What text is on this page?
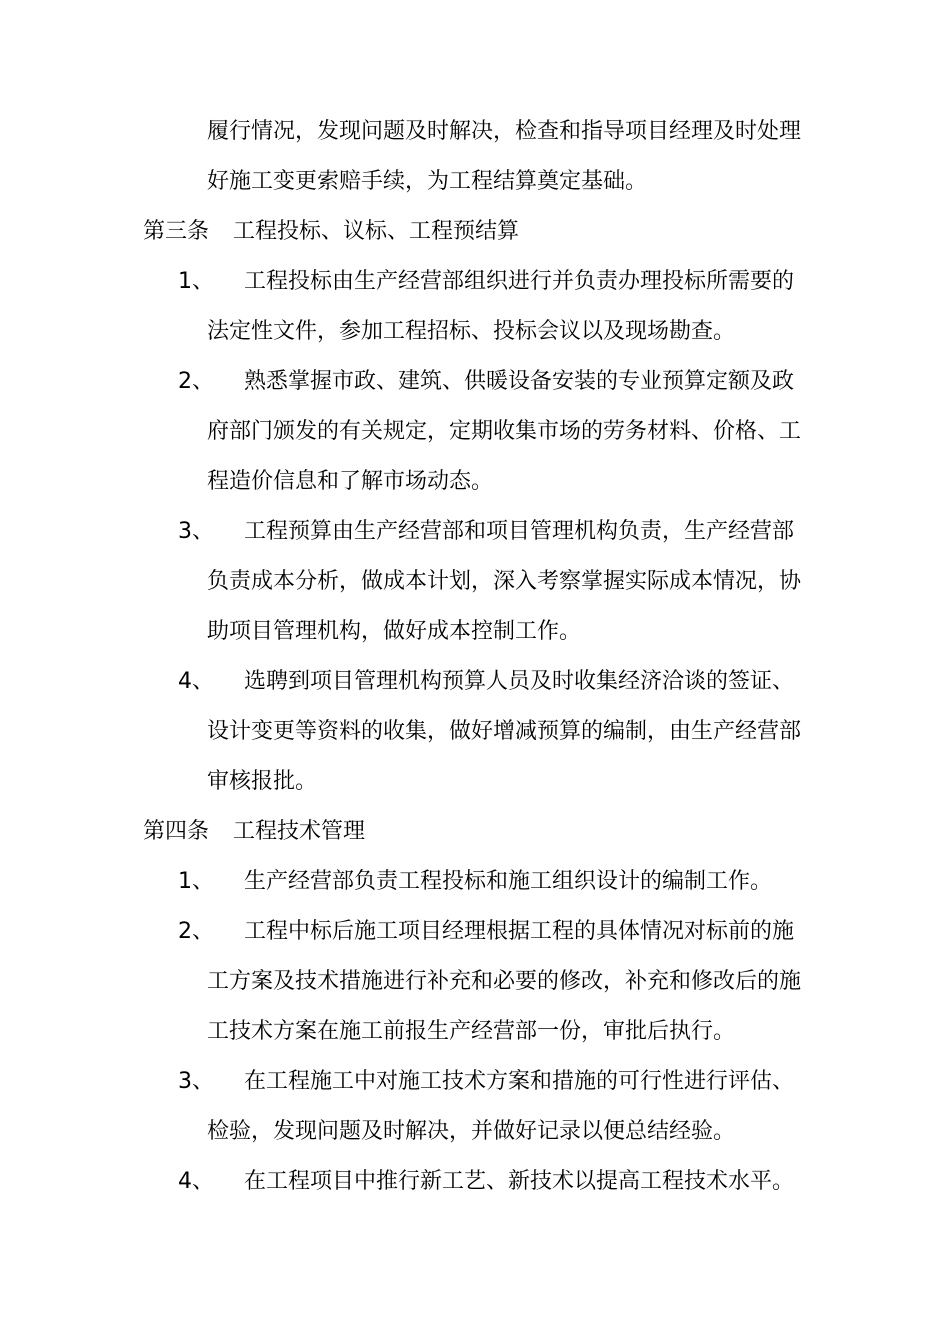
履行情况，发现问题及时解决，检查和指导项目经理及时处理
好施工变更索赔手续，为工程结算奠定基础。
第三条 工程投标、议标、工程预结算
1、 工程投标由生产经营部组织进行并负责办理投标所需要的
法定性文件，参加工程招标、投标会议以及现场勘查。
2、 熟悉掌握市政、建筑、供暖设备安装的专业预算定额及政
府部门颁发的有关规定，定期收集市场的劳务材料、价格、工
程造价信息和了解市场动态。
3、 工程预算由生产经营部和项目管理机构负责，生产经营部
负责成本分析，做成本计划，深入考察掌握实际成本情况，协
助项目管理机构，做好成本控制工作。
4、 选聘到项目管理机构预算人员及时收集经济洽谈的签证、
设计变更等资料的收集，做好增减预算的编制，由生产经营部
审核报批。
第四条 工程技术管理
1、 生产经营部负责工程投标和施工组织设计的编制工作。
2、 工程中标后施工项目经理根据工程的具体情况对标前的施
工方案及技术措施进行补充和必要的修改，补充和修改后的施
工技术方案在施工前报生产经营部一份，审批后执行。
3、 在工程施工中对施工技术方案和措施的可行性进行评估、
检验，发现问题及时解决，并做好记录以便总结经验。
4、 在工程项目中推行新工艺、新技术以提高工程技术水平。
